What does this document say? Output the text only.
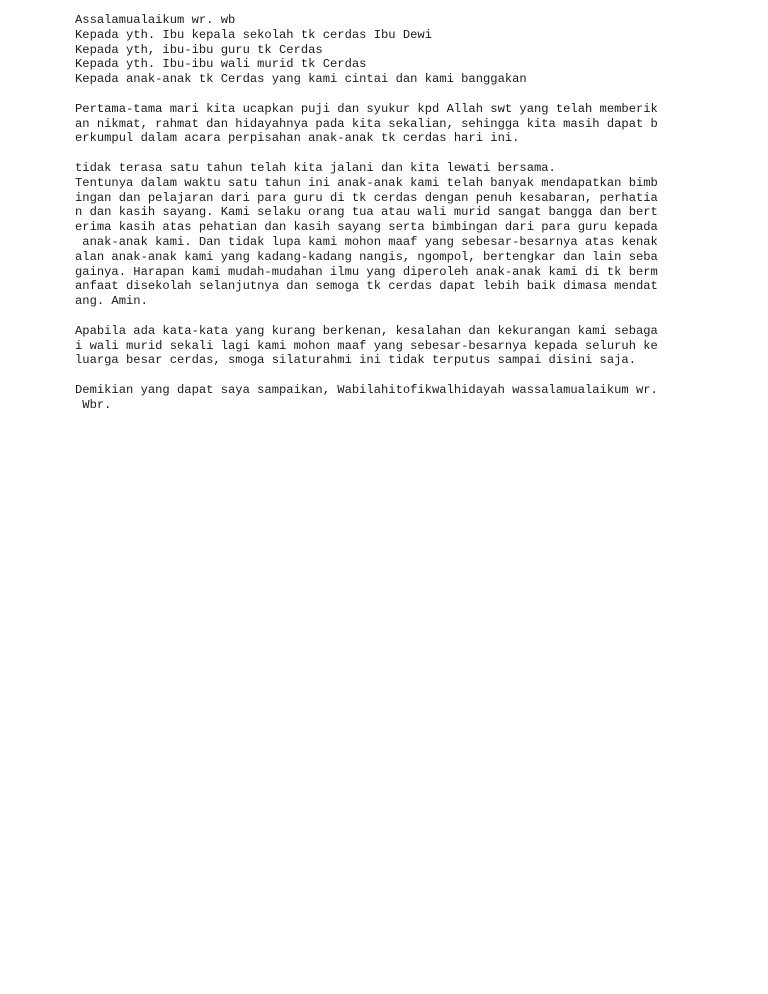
Assalamualaikum wr. wb
Kepada yth. Ibu kepala sekolah tk cerdas Ibu Dewi
Kepada yth, ibu-ibu guru tk Cerdas
Kepada yth. Ibu-ibu wali murid tk Cerdas
Kepada anak-anak tk Cerdas yang kami cintai dan kami banggakan
Pertama-tama mari kita ucapkan puji dan syukur kpd Allah swt yang telah memberik
an nikmat, rahmat dan hidayahnya pada kita sekalian, sehingga kita masih dapat b
erkumpul dalam acara perpisahan anak-anak tk cerdas hari ini.
tidak terasa satu tahun telah kita jalani dan kita lewati bersama.
Tentunya dalam waktu satu tahun ini anak-anak kami telah banyak mendapatkan bimb
ingan dan pelajaran dari para guru di tk cerdas dengan penuh kesabaran, perhatia
n dan kasih sayang. Kami selaku orang tua atau wali murid sangat bangga dan bert
erima kasih atas pehatian dan kasih sayang serta bimbingan dari para guru kepada
anak-anak kami. Dan tidak lupa kami mohon maaf yang sebesar-besarnya atas kenak
alan anak-anak kami yang kadang-kadang nangis, ngompol, bertengkar dan lain seba
gainya. Harapan kami mudah-mudahan ilmu yang diperoleh anak-anak kami di tk berm
anfaat disekolah selanjutnya dan semoga tk cerdas dapat lebih baik dimasa mendat
ang. Amin.
Apabila ada kata-kata yang kurang berkenan, kesalahan dan kekurangan kami sebaga
i wali murid sekali lagi kami mohon maaf yang sebesar-besarnya kepada seluruh ke
luarga besar cerdas, smoga silaturahmi ini tidak terputus sampai disini saja.
Demikian yang dapat saya sampaikan, Wabilahitofikwalhidayah wassalamualaikum wr.
Wbr.
